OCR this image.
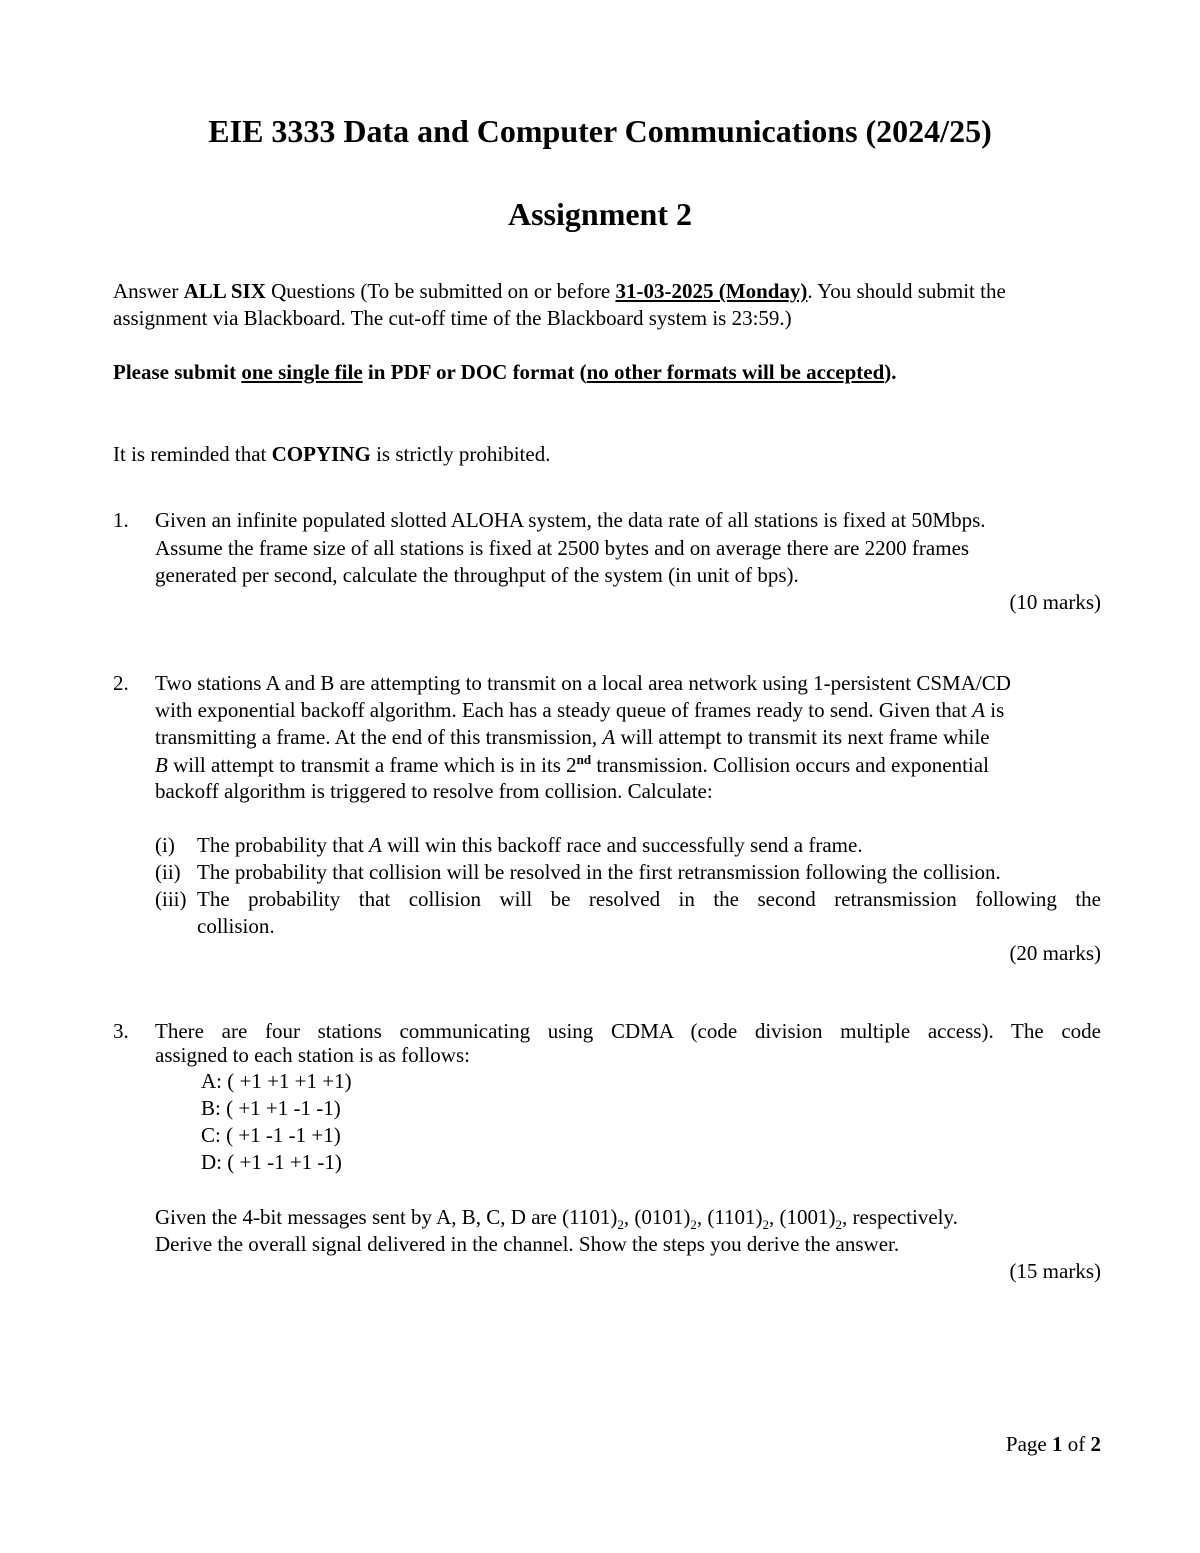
EIE 3333 Data and Computer Communications (2024/25)
Assignment 2
Answer ALL SIX Questions (To be submitted on or before 31-03-2025 (Monday). You should submit the
assignment via Blackboard. The cut-off time of the Blackboard system is 23:59.)
Please submit one single file in PDF or DOC format (no other formats will be accepted).
It is reminded that COPYING is strictly prohibited.
1. Given an infinite populated slotted ALOHA system, the data rate of all stations is fixed at 50Mbps.
Assume the frame size of all stations is fixed at 2500 bytes and on average there are 2200 frames
generated per second, calculate the throughput of the system (in unit of bps).
(10 marks)
2. Two stations A and B are attempting to transmit on a local area network using 1-persistent CSMA/CD
with exponential backoff algorithm. Each has a steady queue of frames ready to send. Given that A is
transmitting a frame. At the end of this transmission, A will attempt to transmit its next frame while
B will attempt to transmit a frame which is in its 2nd transmission. Collision occurs and exponential
backoff algorithm is triggered to resolve from collision. Calculate:
(i) The probability that A will win this backoff race and successfully send a frame.
(ii) The probability that collision will be resolved in the first retransmission following the collision.
(iii) The probability that collision will be resolved in the second retransmission following the
collision.
(20 marks)
3. There are four stations communicating using CDMA (code division multiple access). The code
assigned to each station is as follows:
A: ( +1 +1 +1 +1)
B: ( +1 +1 -1 -1)
C: ( +1 -1 -1 +1)
D: ( +1 -1 +1 -1)
Given the 4-bit messages sent by A, B, C, D are $(1101)_2$, $(0101)_2$, $(1101)_2$, $(1001)_2$, respectively.
Derive the overall signal delivered in the channel. Show the steps you derive the answer.
(15 marks)
Page 1 of 2
